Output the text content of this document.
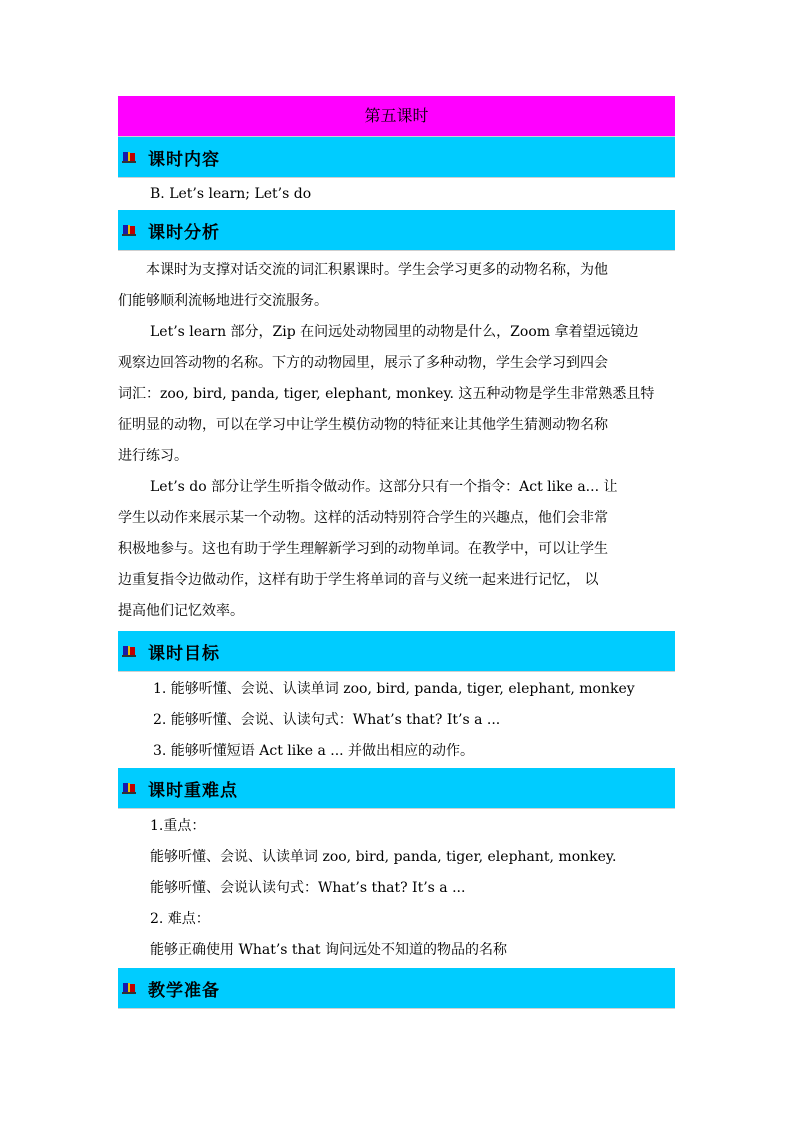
第五课时
课时内容
B. Let’s learn; Let’s do
课时分析
本课时为支撑对话交流的词汇积累课时。学生会学习更多的动物名称，为他
们能够顺利流畅地进行交流服务。
Let’s learn 部分，Zip 在问远处动物园里的动物是什么，Zoom 拿着望远镜边
观察边回答动物的名称。下方的动物园里，展示了多种动物，学生会学习到四会
词汇：zoo, bird, panda, tiger, elephant, monkey. 这五种动物是学生非常熟悉且特
征明显的动物，可以在学习中让学生模仿动物的特征来让其他学生猜测动物名称
进行练习。
Let’s do 部分让学生听指令做动作。这部分只有一个指令：Act like a... 让
学生以动作来展示某一个动物。这样的活动特别符合学生的兴趣点，他们会非常
积极地参与。这也有助于学生理解新学习到的动物单词。在教学中，可以让学生
边重复指令边做动作，这样有助于学生将单词的音与义统一起来进行记忆， 以
提高他们记忆效率。
课时目标
1. 能够听懂、会说、认读单词 zoo, bird, panda, tiger, elephant, monkey
2. 能够听懂、会说、认读句式：What’s that? It’s a ...
3. 能够听懂短语 Act like a ... 并做出相应的动作。
课时重难点
1.重点：
能够听懂、会说、认读单词 zoo, bird, panda, tiger, elephant, monkey.
能够听懂、会说认读句式：What’s that? It’s a ...
2. 难点：
能够正确使用 What’s that 询问远处不知道的物品的名称
教学准备
